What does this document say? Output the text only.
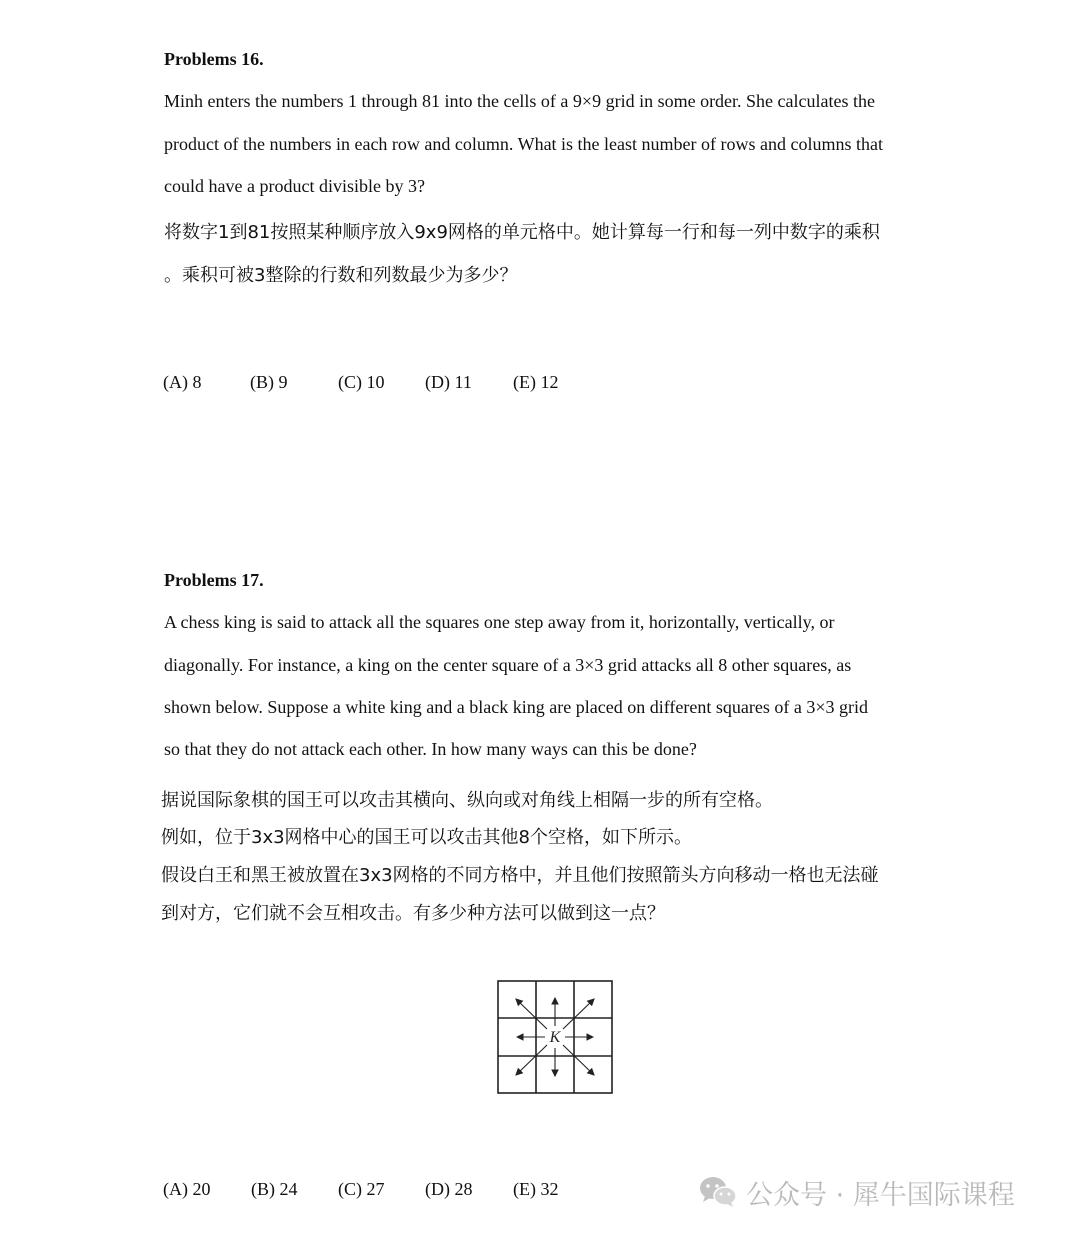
Problems 16.
Minh enters the numbers 1 through 81 into the cells of a 9×9 grid in some order. She calculates the
product of the numbers in each row and column. What is the least number of rows and columns that
could have a product divisible by 3?
将数字1到81按照某种顺序放入9x9网格的单元格中。她计算每一行和每一列中数字的乘积
。乘积可被3整除的行数和列数最少为多少？
(A) 8	(B) 9	(C) 10 (D) 11 (E) 12
Problems 17.
A chess king is said to attack all the squares one step away from it, horizontally, vertically, or
diagonally. For instance, a king on the center square of a 3×3 grid attacks all 8 other squares, as
shown below. Suppose a white king and a black king are placed on different squares of a 3×3 grid
so that they do not attack each other. In how many ways can this be done?
据说国际象棋的国王可以攻击其横向、纵向或对角线上相隔一步的所有空格。
例如，位于3x3网格中心的国王可以攻击其他8个空格，如下所示。
假设白王和黑王被放置在3x3网格的不同方格中，并且他们按照箭头方向移动一格也无法碰
到对方，它们就不会互相攻击。有多少种方法可以做到这一点？
K
(A) 20 (B) 24 (C) 27 (D) 28 (E) 32	公众号 · 犀牛国际课程
